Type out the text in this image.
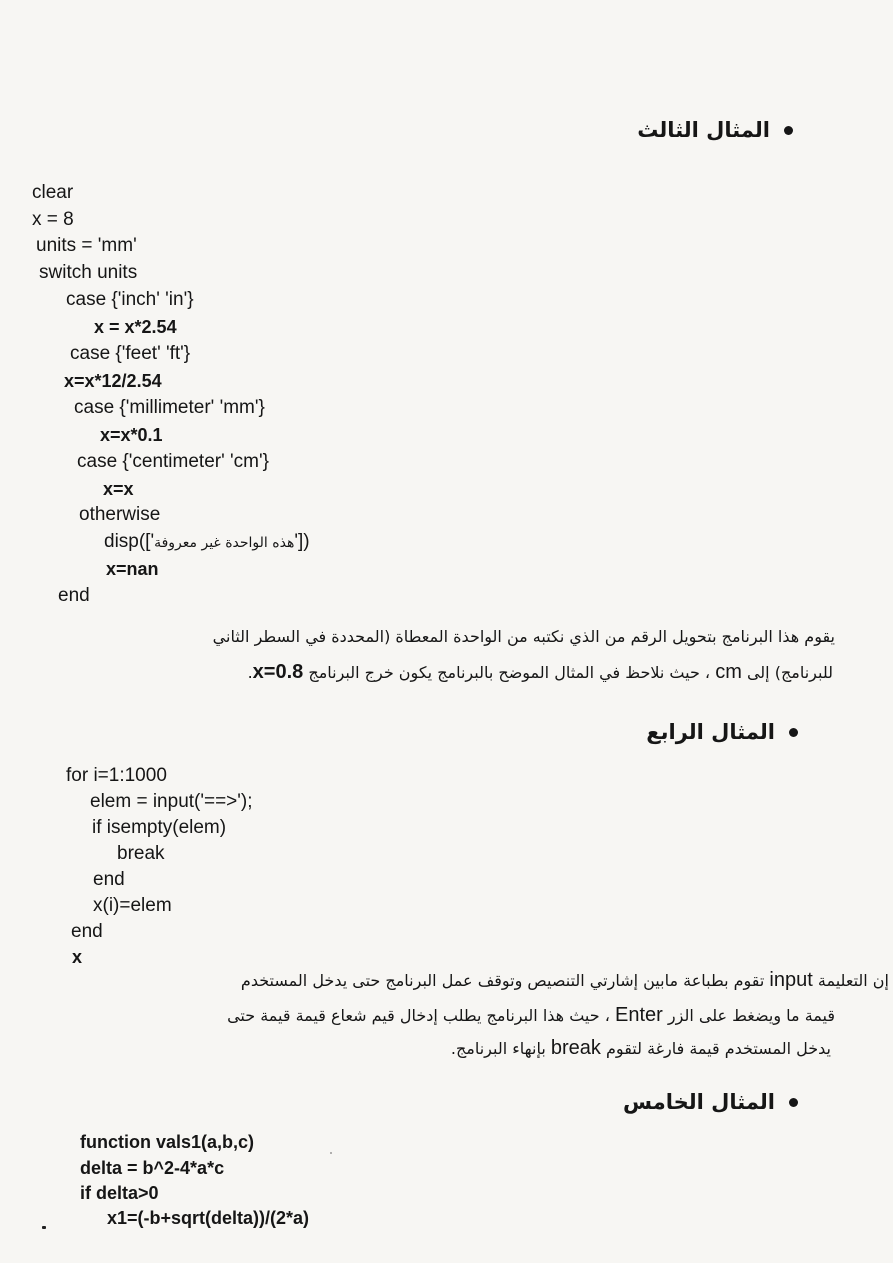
المثال الثالث
clear
x = 8
units = 'mm'
switch units
case {'inch' 'in'}
x = x*2.54
case {'feet' 'ft'}
x=x*12/2.54
case {'millimeter' 'mm'}
x=x*0.1
case {'centimeter' 'cm'}
x=x
otherwise
disp(['هذه الواحدة غير معروفة'])
x=nan
end
يقوم هذا البرنامج بتحويل الرقم من الذي نكتبه من الواحدة المعطاة (المحددة في السطر الثاني
للبرنامج) إلى cm ، حيث نلاحظ في المثال الموضح بالبرنامج يكون خرج البرنامج x=0.8.
المثال الرابع
for i=1:1000
elem = input('==>');
if isempty(elem)
break
end
x(i)=elem
end
x
إن التعليمة input تقوم بطباعة مابين إشارتي التنصيص وتوقف عمل البرنامج حتى يدخل المستخدم
قيمة ما ويضغط على الزر Enter ، حيث هذا البرنامج يطلب إدخال قيم شعاع قيمة قيمة حتى
يدخل المستخدم قيمة فارغة لتقوم break بإنهاء البرنامج.
المثال الخامس
function vals1(a,b,c)
delta = b^2-4*a*c
if delta>0
x1=(-b+sqrt(delta))/(2*a)
